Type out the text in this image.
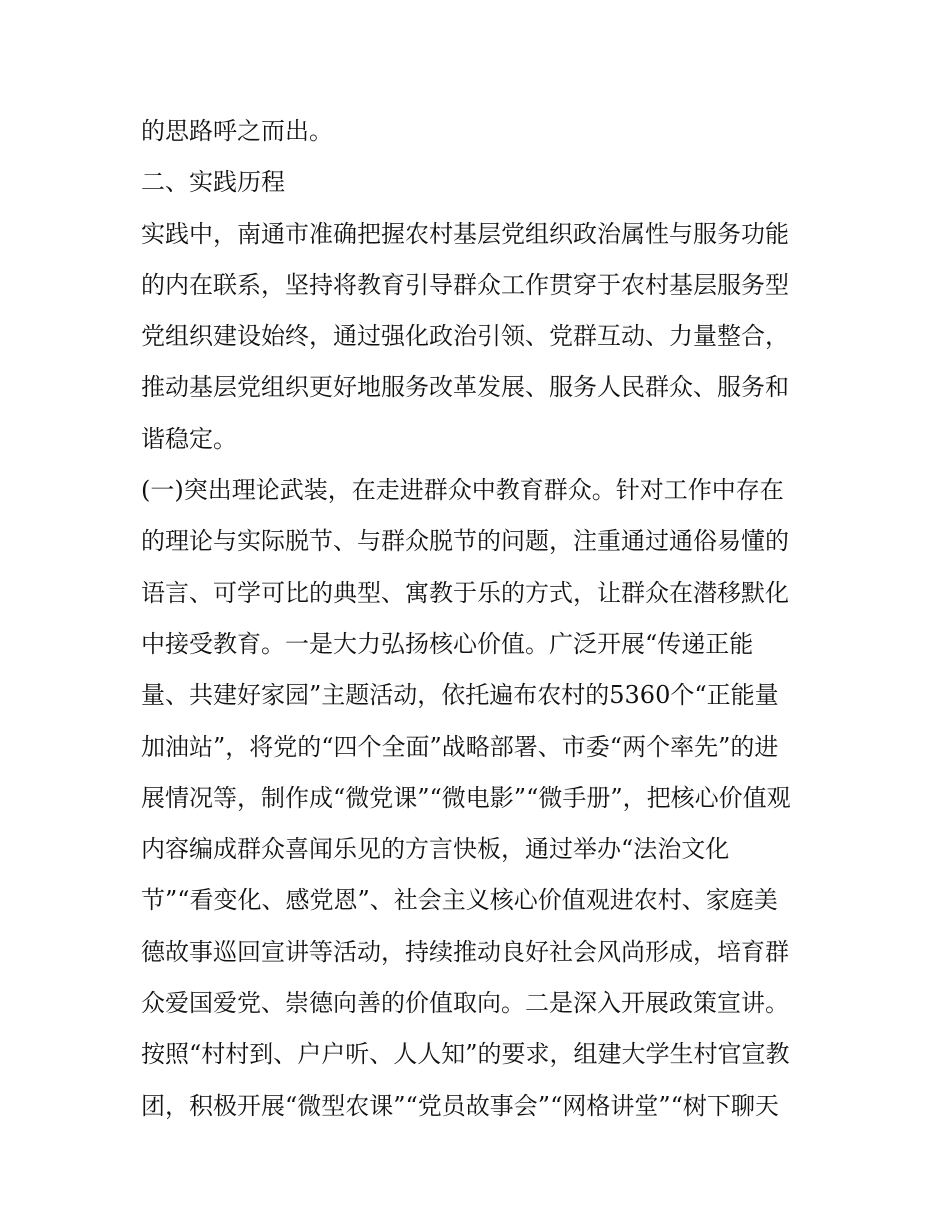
的思路呼之而出。
二、实践历程
实践中，南通市准确把握农村基层党组织政治属性与服务功能
的内在联系，坚持将教育引导群众工作贯穿于农村基层服务型
党组织建设始终，通过强化政治引领、党群互动、力量整合，
推动基层党组织更好地服务改革发展、服务人民群众、服务和
谐稳定。
(一)突出理论武装，在走进群众中教育群众。针对工作中存在
的理论与实际脱节、与群众脱节的问题，注重通过通俗易懂的
语言、可学可比的典型、寓教于乐的方式，让群众在潜移默化
中接受教育。一是大力弘扬核心价值。广泛开展“传递正能
量、共建好家园”主题活动，依托遍布农村的5360个“正能量
加油站”，将党的“四个全面”战略部署、市委“两个率先”的进
展情况等，制作成“微党课”“微电影”“微手册”，把核心价值观
内容编成群众喜闻乐见的方言快板，通过举办“法治文化
节”“看变化、感党恩”、社会主义核心价值观进农村、家庭美
德故事巡回宣讲等活动，持续推动良好社会风尚形成，培育群
众爱国爱党、崇德向善的价值取向。二是深入开展政策宣讲。
按照“村村到、户户听、人人知”的要求，组建大学生村官宣教
团，积极开展“微型农课”“党员故事会”“网格讲堂”“树下聊天
